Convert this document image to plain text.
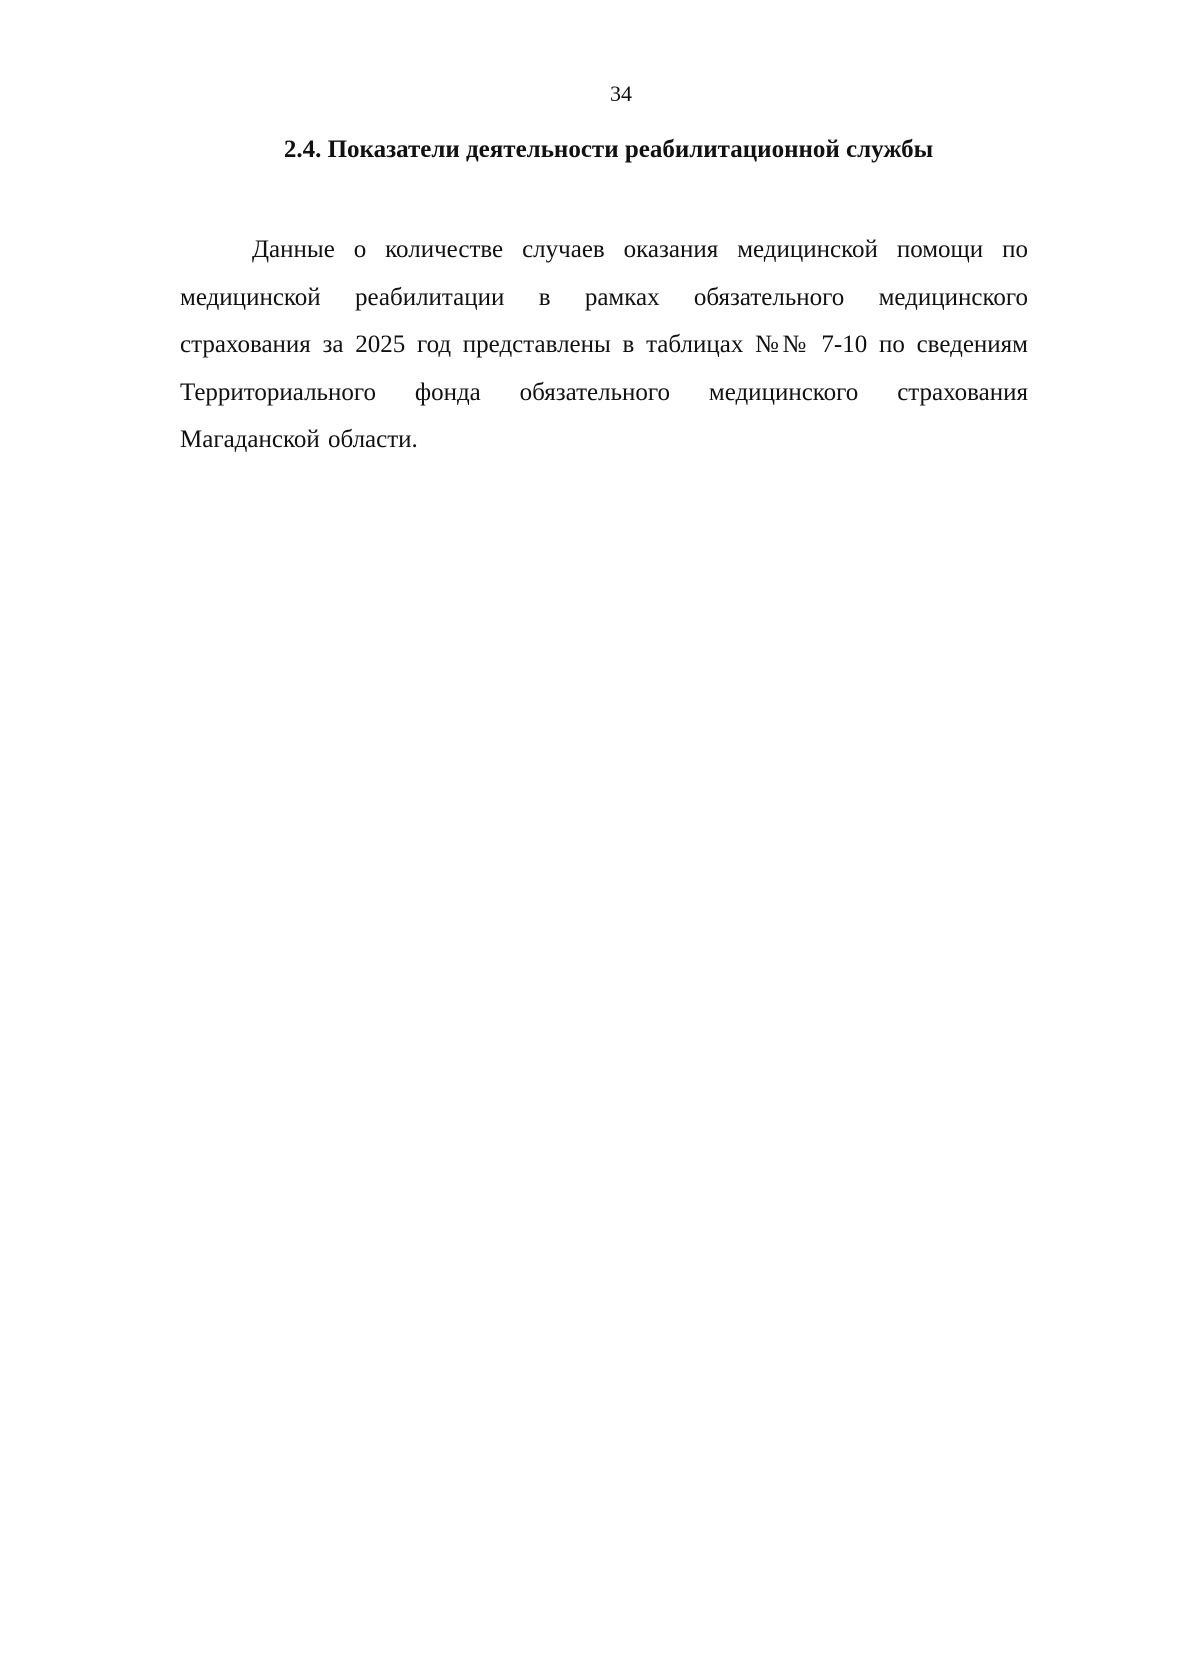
34
2.4. Показатели деятельности реабилитационной службы

Данные о количестве случаев оказания медицинской помощи по медицинской реабилитации в рамках обязательного медицинского страхования за 2025 год представлены в таблицах №№ 7-10 по сведениям Территориального фонда обязательного медицинского страхования Магаданской области.
